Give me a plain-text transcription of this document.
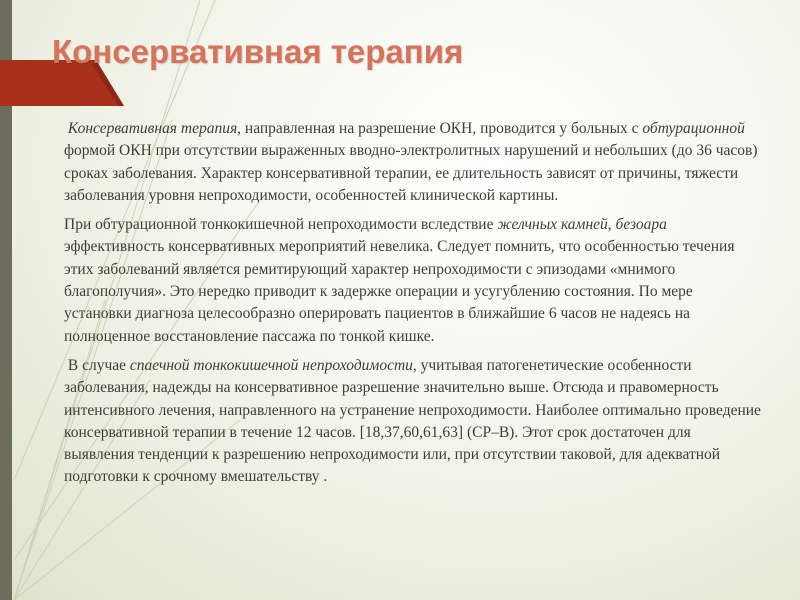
Консервативная терапия

Консервативная терапия, направленная на разрешение ОКН, проводится у больных с обтурационной формой ОКН при отсутствии выраженных вводно-электролитных нарушений и небольших (до 36 часов) сроках заболевания. Характер консервативной терапии, ее длительность зависят от причины, тяжести заболевания уровня непроходимости, особенностей клинической картины.

При обтурационной тонкокишечной непроходимости вследствие желчных камней, безоара эффективность консервативных мероприятий невелика. Следует помнить, что особенностью течения этих заболеваний является ремитирующий характер непроходимости с эпизодами «мнимого благополучия». Это нередко приводит к задержке операции и усугублению состояния. По мере установки диагноза целесообразно оперировать пациентов в ближайшие 6 часов не надеясь на полноценное восстановление пассажа по тонкой кишке.

В случае спаечной тонкокишечной непроходимости, учитывая патогенетические особенности заболевания, надежды на консервативное разрешение значительно выше. Отсюда и правомерность интенсивного лечения, направленного на устранение непроходимости. Наиболее оптимально проведение консервативной терапии в течение 12 часов. [18,37,60,61,63] (СР–В). Этот срок достаточен для выявления тенденции к разрешению непроходимости или, при отсутствии таковой, для адекватной подготовки к срочному вмешательству .
